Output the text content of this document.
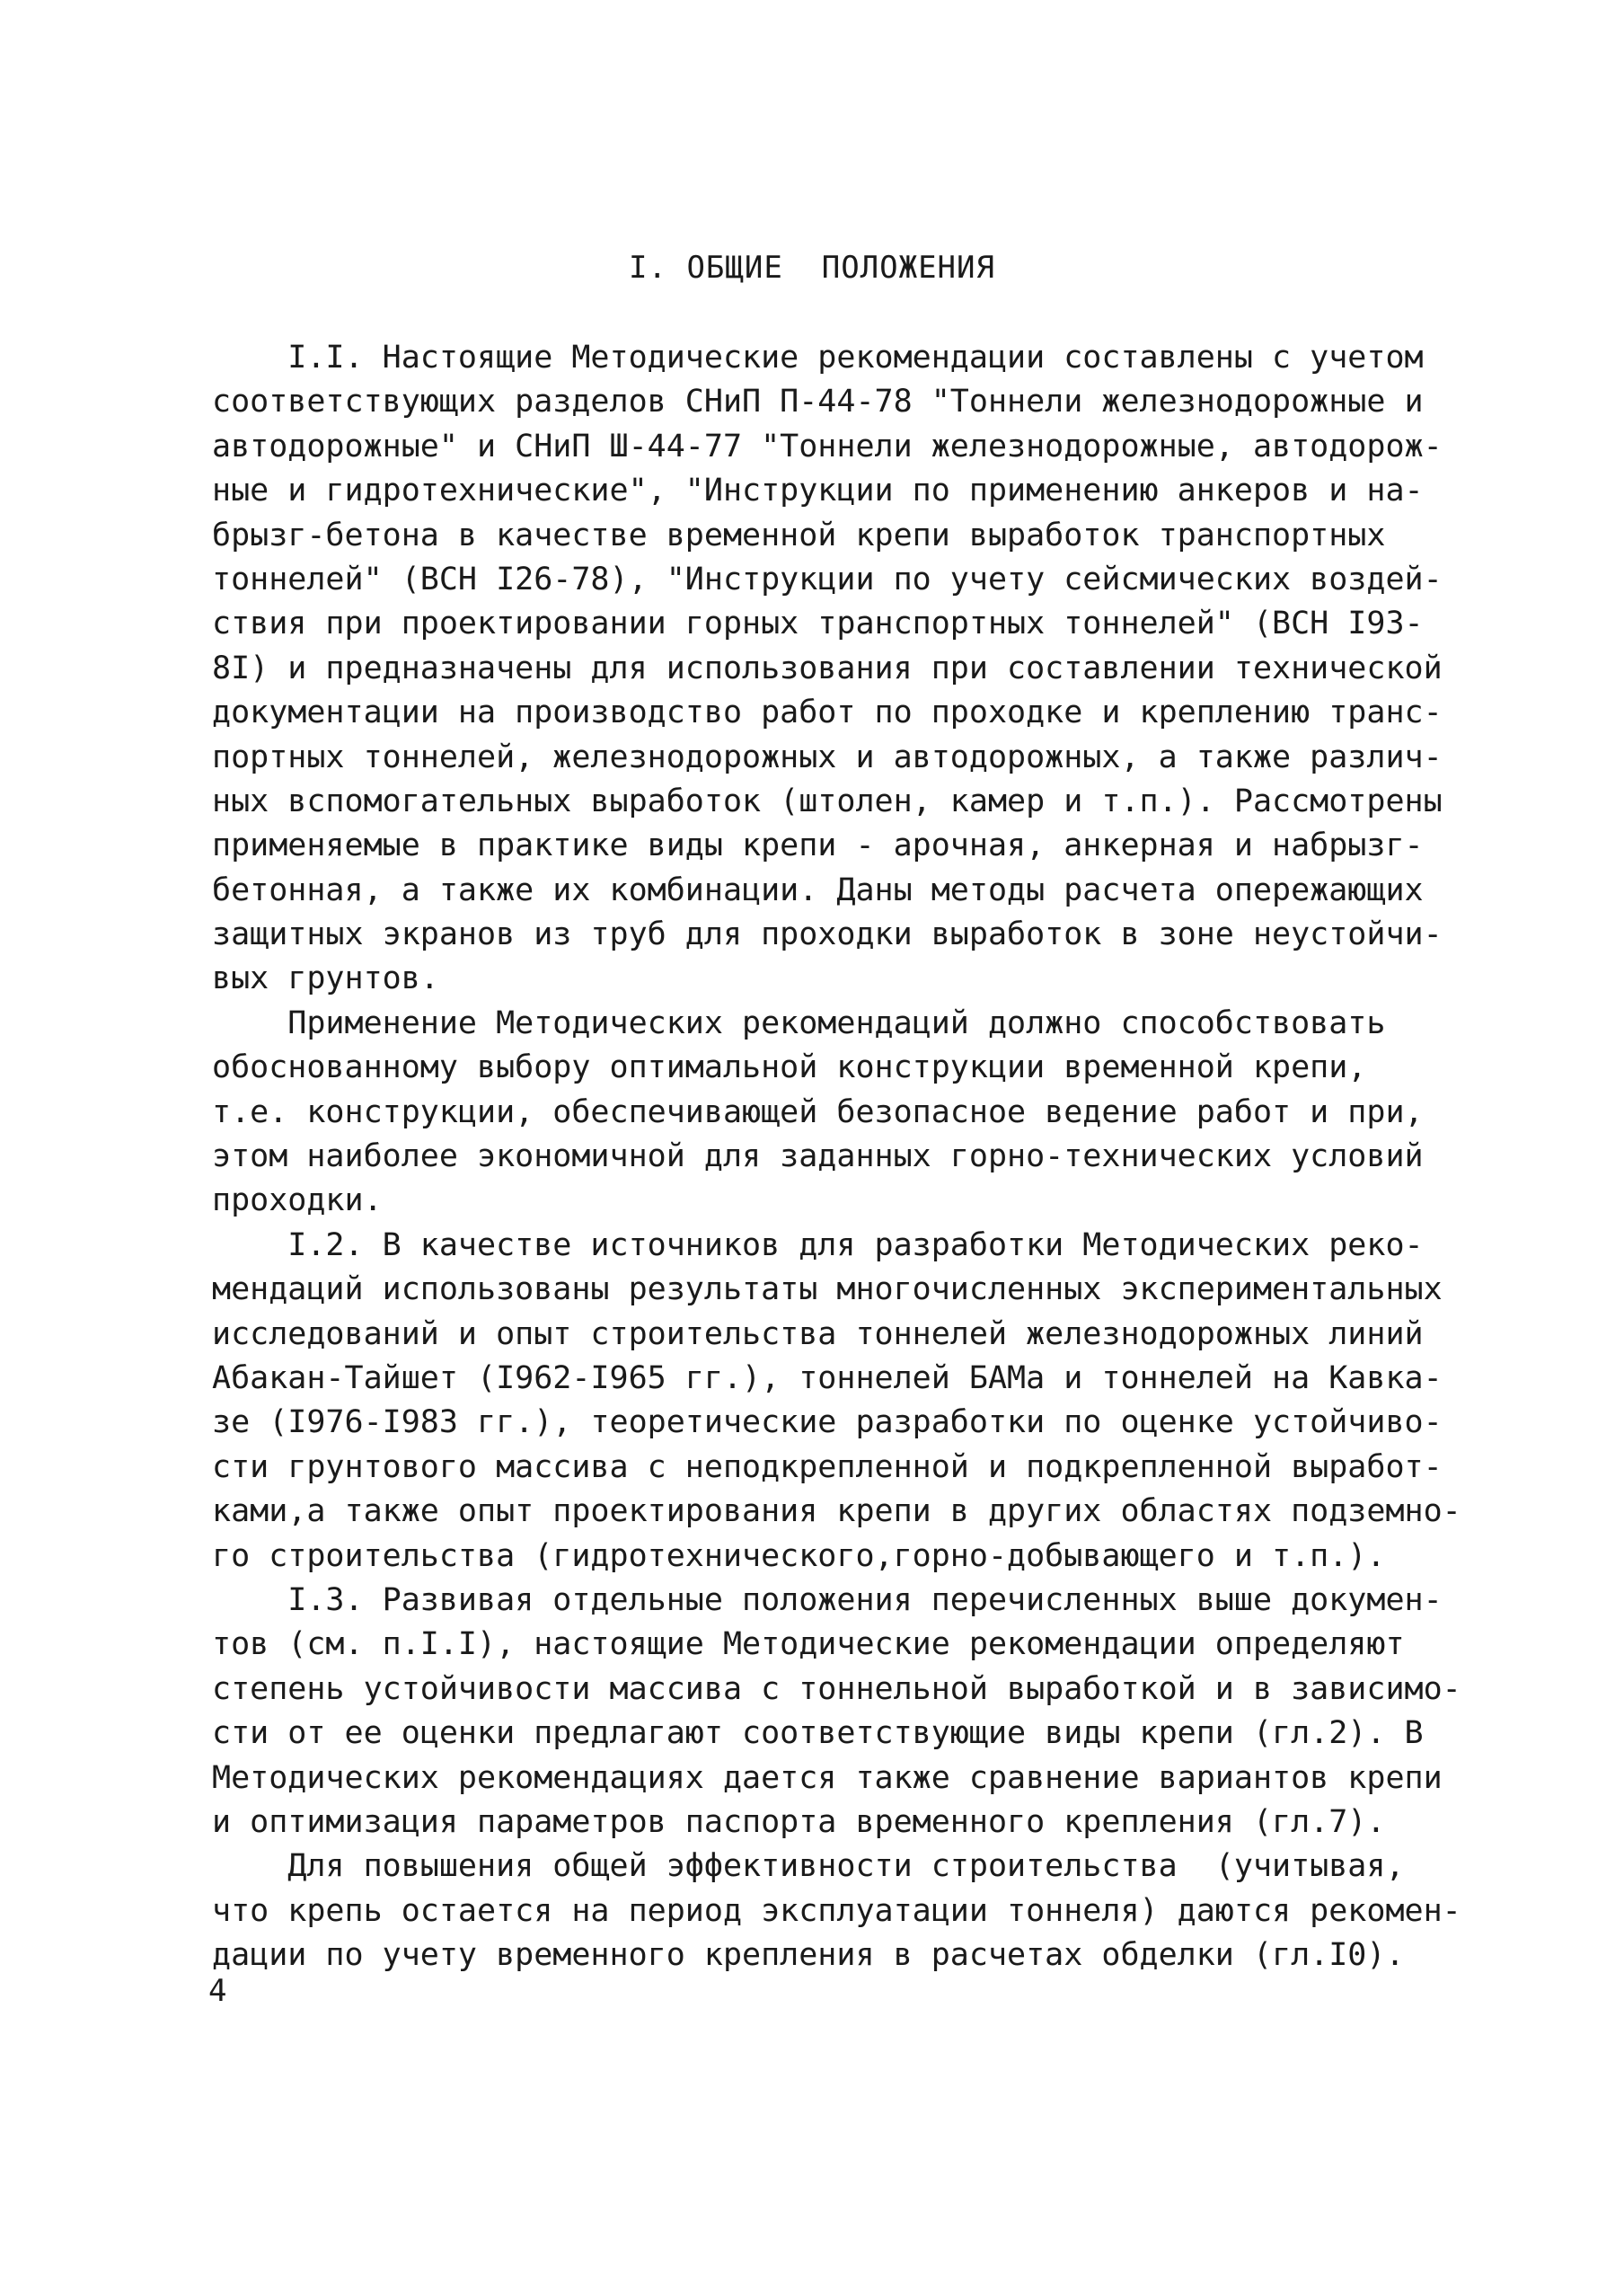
I. ОБЩИЕ  ПОЛОЖЕНИЯ
I.I. Настоящие Методические рекомендации составлены с учетом
соответствующих разделов СНиП П-44-78 "Тоннели железнодорожные и
автодорожные" и СНиП Ш-44-77 "Тоннели железнодорожные, автодорож-
ные и гидротехнические", "Инструкции по применению анкеров и на-
брызг-бетона в качестве временной крепи выработок транспортных
тоннелей" (ВСН I26-78), "Инструкции по учету сейсмических воздей-
ствия при проектировании горных транспортных тоннелей" (ВСН I93-
8I) и предназначены для использования при составлении технической
документации на производство работ по проходке и креплению транс-
портных тоннелей, железнодорожных и автодорожных, а также различ-
ных вспомогательных выработок (штолен, камер и т.п.). Рассмотрены
применяемые в практике виды крепи - арочная, анкерная и набрызг-
бетонная, а также их комбинации. Даны методы расчета опережающих
защитных экранов из труб для проходки выработок в зоне неустойчи-
вых грунтов.
Применение Методических рекомендаций должно способствовать
обоснованному выбору оптимальной конструкции временной крепи,
т.е. конструкции, обеспечивающей безопасное ведение работ и при,
этом наиболее экономичной для заданных горно-технических условий
проходки.
I.2. В качестве источников для разработки Методических реко-
мендаций использованы результаты многочисленных экспериментальных
исследований и опыт строительства тоннелей железнодорожных линий
Абакан-Тайшет (I962-I965 гг.), тоннелей БАМа и тоннелей на Кавка-
зе (I976-I983 гг.), теоретические разработки по оценке устойчиво-
сти грунтового массива с неподкрепленной и подкрепленной выработ-
ками,а также опыт проектирования крепи в других областях подземно-
го строительства (гидротехнического,горно-добывающего и т.п.).
I.3. Развивая отдельные положения перечисленных выше докумен-
тов (см. п.I.I), настоящие Методические рекомендации определяют
степень устойчивости массива с тоннельной выработкой и в зависимо-
сти от ее оценки предлагают соответствующие виды крепи (гл.2). В
Методических рекомендациях дается также сравнение вариантов крепи
и оптимизация параметров паспорта временного крепления (гл.7).
Для повышения общей эффективности строительства  (учитывая,
что крепь остается на период эксплуатации тоннеля) даются рекомен-
дации по учету временного крепления в расчетах обделки (гл.I0).
4
